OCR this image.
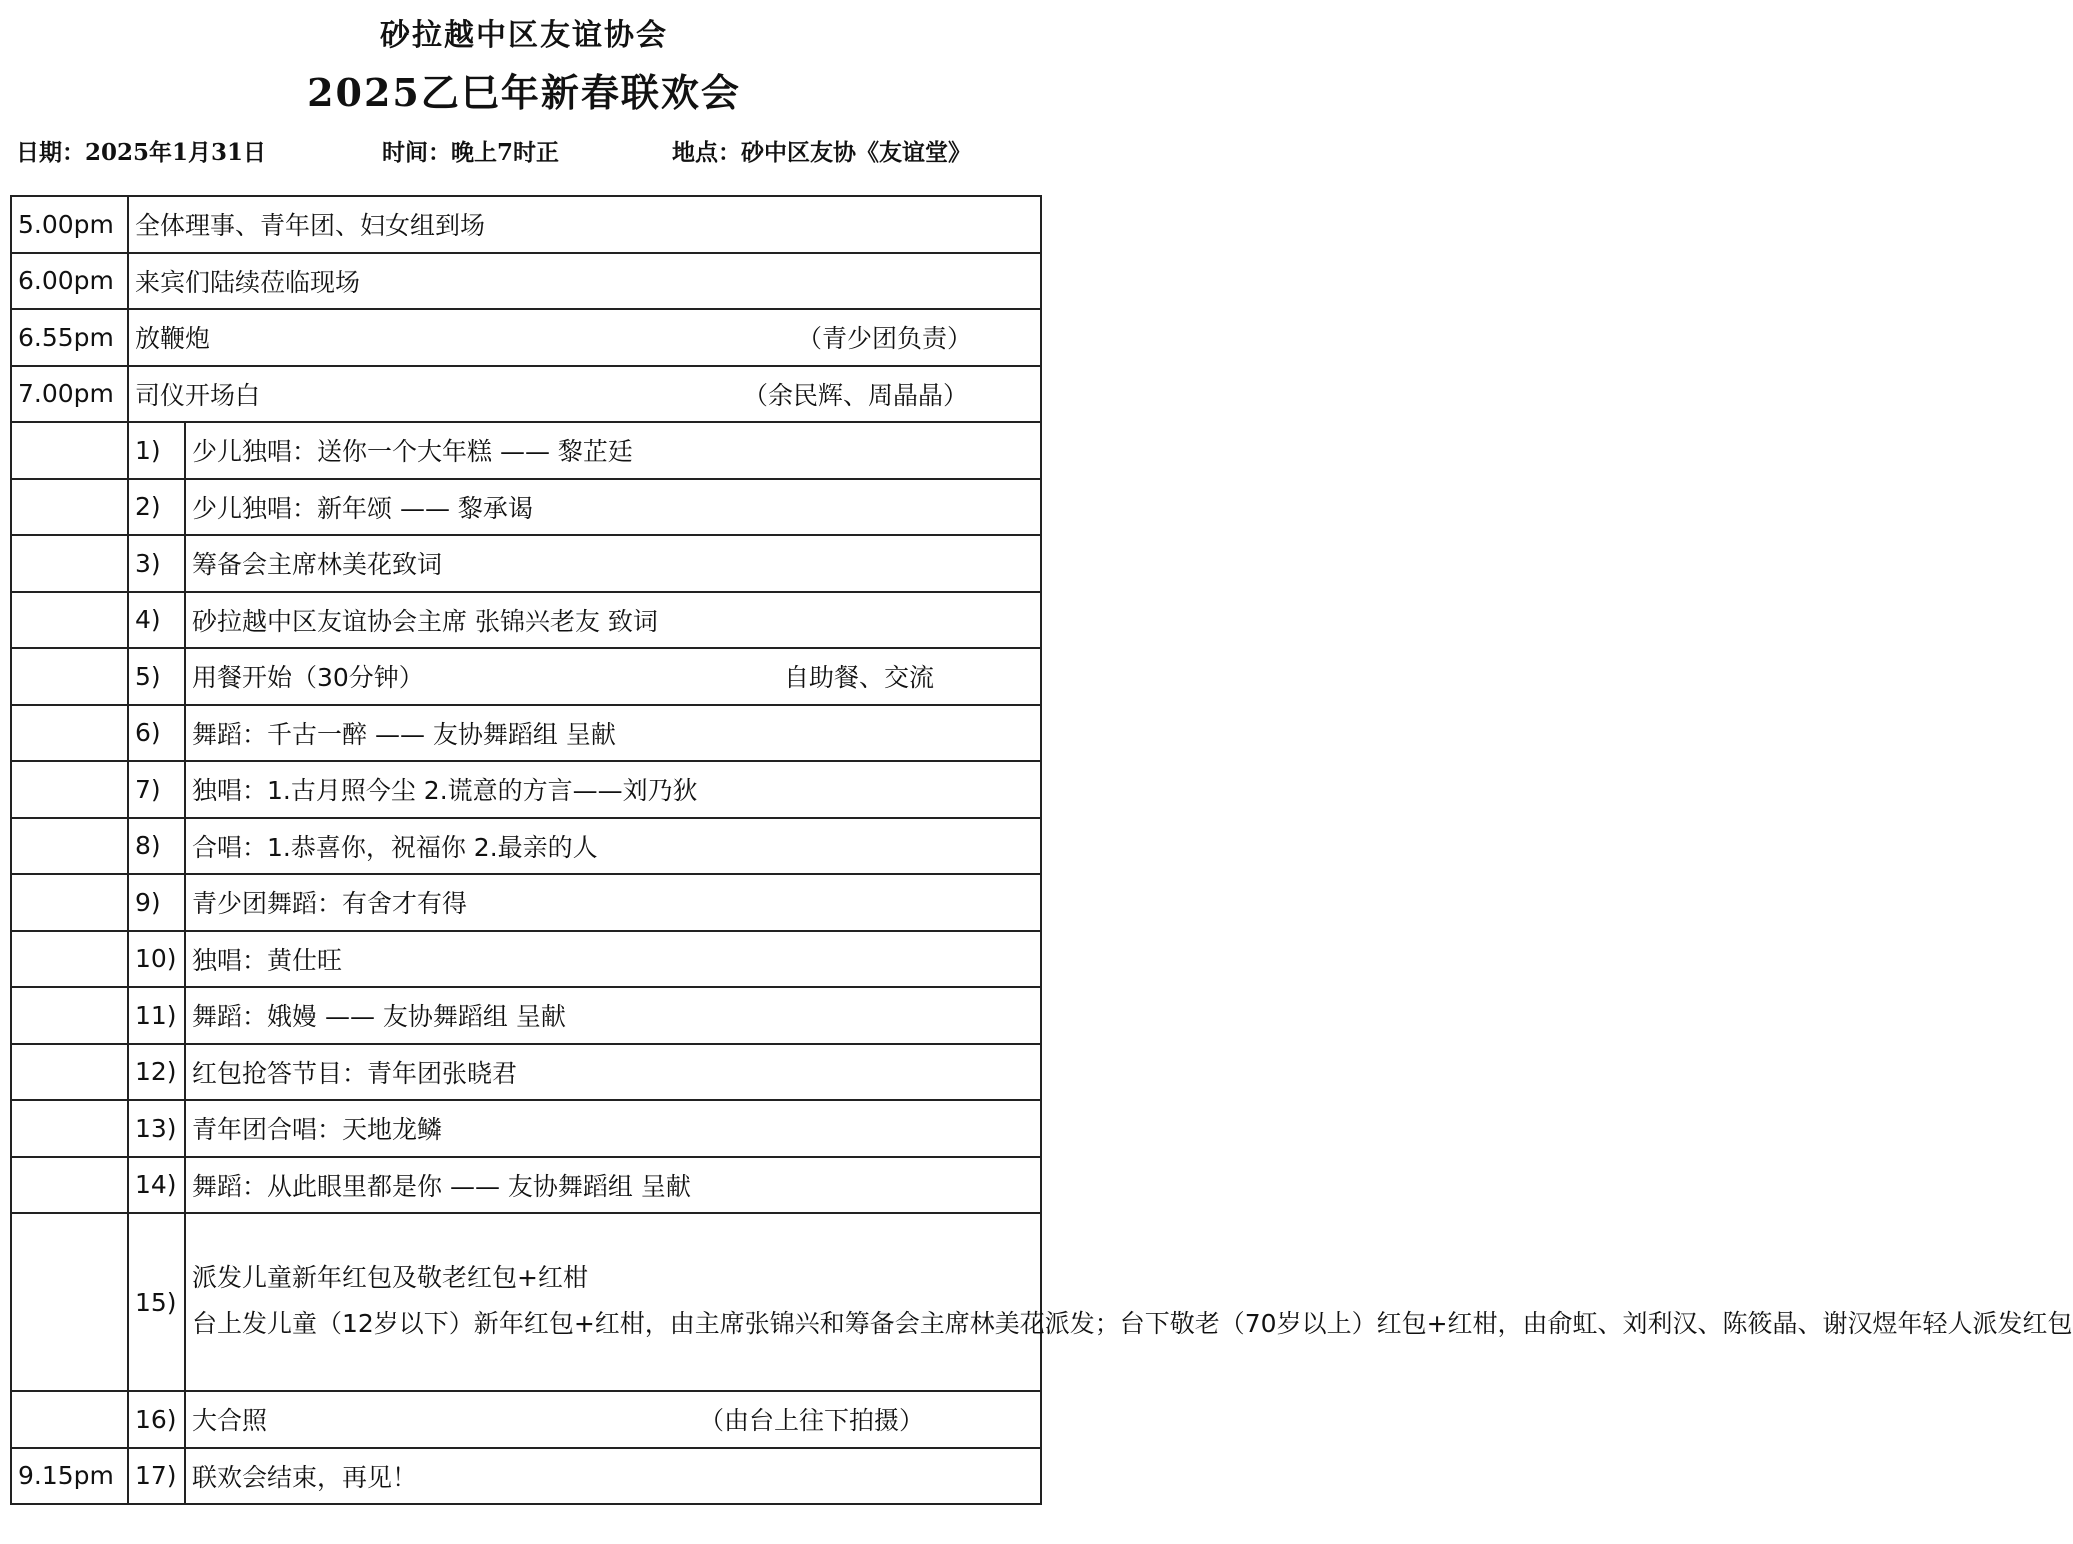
砂拉越中区友谊协会
2025乙巳年新春联欢会
日期：2025年1月31日	时间：晚上7时正	地点：砂中区友协《友谊堂》
5.00pm	全体理事、青年团、妇女组到场	
6.00pm	来宾们陆续莅临现场	
6.55pm	放鞭炮 （青少团负责）	

7.00pm	司仪开场白 （余民辉、周晶晶）	

	1)	少儿独唱：送你一个大年糕 —— 黎芷廷
	2)	少儿独唱：新年颂 —— 黎承谒
	3)	筹备会主席林美花致词
	4)	砂拉越中区友谊协会主席 张锦兴老友 致词
	5)	用餐开始（30分钟） 自助餐、交流

	6)	舞蹈：千古一醉 —— 友协舞蹈组 呈献
	7)	独唱：1.古月照今尘 2.谎意的方言——刘乃狄
	8)	合唱：1.恭喜你，祝福你 2.最亲的人
	9)	青少团舞蹈：有舍才有得
	10)	独唱：黄仕旺
	11)	舞蹈：娥嫚 —— 友协舞蹈组 呈献
	12)	红包抢答节目：青年团张晓君
	13)	青年团合唱：天地龙鳞
	14)	舞蹈：从此眼里都是你 —— 友协舞蹈组 呈献
	15)	派发儿童新年红包及敬老红包+红柑
台上发儿童（12岁以下）新年红包+红柑，由主席张锦兴和筹备会主席林美花派发；台下敬老（70岁以上）红包+红柑，由俞虹、刘利汉、陈筱晶、谢汉煜年轻人派发红包

	16)	大合照 （由台上往下拍摄）

9.15pm	17)	联欢会结束，再见！
